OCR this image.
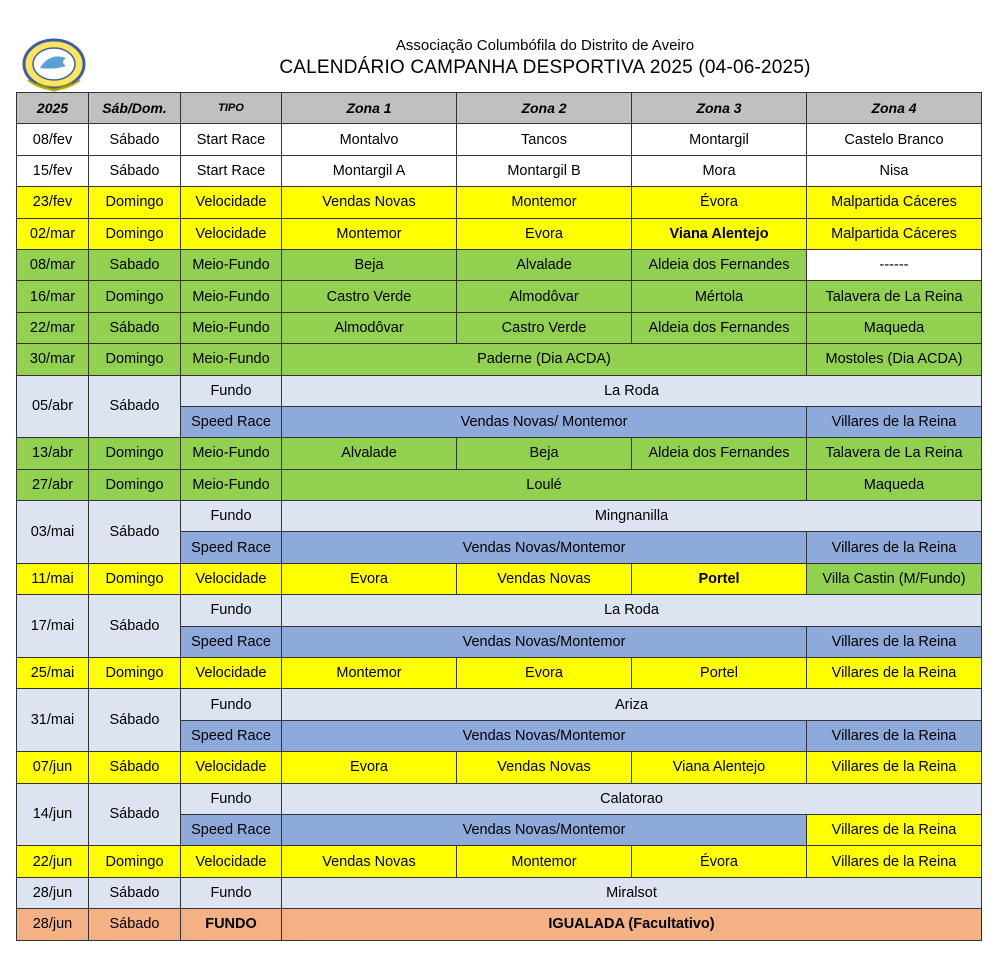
Associação Columbófila do Distrito de Aveiro
CALENDÁRIO CAMPANHA DESPORTIVA 2025 (04-06-2025)
2025	Sáb/Dom.	TIPO	Zona 1	Zona 2	Zona 3	Zona 4
08/fev	Sábado	Start Race	Montalvo	Tancos	Montargil	Castelo Branco
15/fev	Sábado	Start Race	Montargil A	Montargil B	Mora	Nisa
23/fev	Domingo	Velocidade	Vendas Novas	Montemor	Évora	Malpartida Cáceres
02/mar	Domingo	Velocidade	Montemor	Evora	Viana Alentejo	Malpartida Cáceres
08/mar	Sabado	Meio-Fundo	Beja	Alvalade	Aldeia dos Fernandes	------
16/mar	Domingo	Meio-Fundo	Castro Verde	Almodôvar	Mértola	Talavera de La Reina
22/mar	Sábado	Meio-Fundo	Almodôvar	Castro Verde	Aldeia dos Fernandes	Maqueda
30/mar	Domingo	Meio-Fundo	Paderne (Dia ACDA)			Mostoles (Dia ACDA)
05/abr	Sábado	Fundo	La Roda			
		Speed Race	Vendas Novas/ Montemor			Villares de la Reina
13/abr	Domingo	Meio-Fundo	Alvalade	Beja	Aldeia dos Fernandes	Talavera de La Reina
27/abr	Domingo	Meio-Fundo	Loulé			Maqueda
03/mai	Sábado	Fundo	Mingnanilla			
		Speed Race	Vendas Novas/Montemor			Villares de la Reina
11/mai	Domingo	Velocidade	Evora	Vendas Novas	Portel	Villa Castin (M/Fundo)
17/mai	Sábado	Fundo	La Roda			
		Speed Race	Vendas Novas/Montemor			Villares de la Reina
25/mai	Domingo	Velocidade	Montemor	Evora	Portel	Villares de la Reina
31/mai	Sábado	Fundo	Ariza			
		Speed Race	Vendas Novas/Montemor			Villares de la Reina
07/jun	Sábado	Velocidade	Evora	Vendas Novas	Viana Alentejo	Villares de la Reina
14/jun	Sábado	Fundo	Calatorao			
		Speed Race	Vendas Novas/Montemor			Villares de la Reina
22/jun	Domingo	Velocidade	Vendas Novas	Montemor	Évora	Villares de la Reina
28/jun	Sábado	Fundo	Miralsot			
28/jun	Sábado	FUNDO	IGUALADA (Facultativo)			
